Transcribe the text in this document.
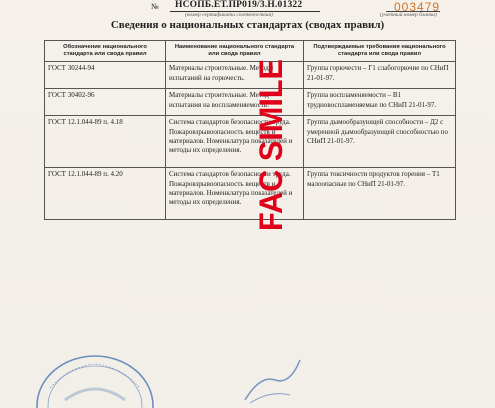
№ НСОПБ.ЕТ.ПР019/3.Н.01322
(номер сертификата соответствия)
003479
(учетный номер бланка)
Сведения о национальных стандартах (сводах правил)
Обозначение национального стандарта или свода правил	Наименование национального стандарта или свода правил	Подтверждаемые требования национального стандарта или свода правил
ГОСТ 30244-94	Материалы строительные. Методы испытаний на горючесть.	Группа горючести – Г1 слабогорючие по СНиП 21-01-97.
ГОСТ 30402-96	Материалы строительные. Метод испытания на воспламеняемость.	Группа воспламеняемости – В1 трудновоспламеняемые по СНиП 21-01-97.
ГОСТ 12.1.044-89 п. 4.18	Система стандартов безопасности труда. Пожаровзрывоопасность веществ и материалов. Номенклатура показателей и методы их определения.	Группа дымообразующей способности – Д2 с умеренной дымообразующей способностью по СНиП 21-01-97.
ГОСТ 12.1.044-89 п. 4.20	Система стандартов безопасности труда. Пожаровзрывоопасность веществ и материалов. Номенклатура показателей и методы их определения.	Группа токсичности продуктов горения – Т1 малоопасные по СНиП 21-01-97.
FAC SIMILE
